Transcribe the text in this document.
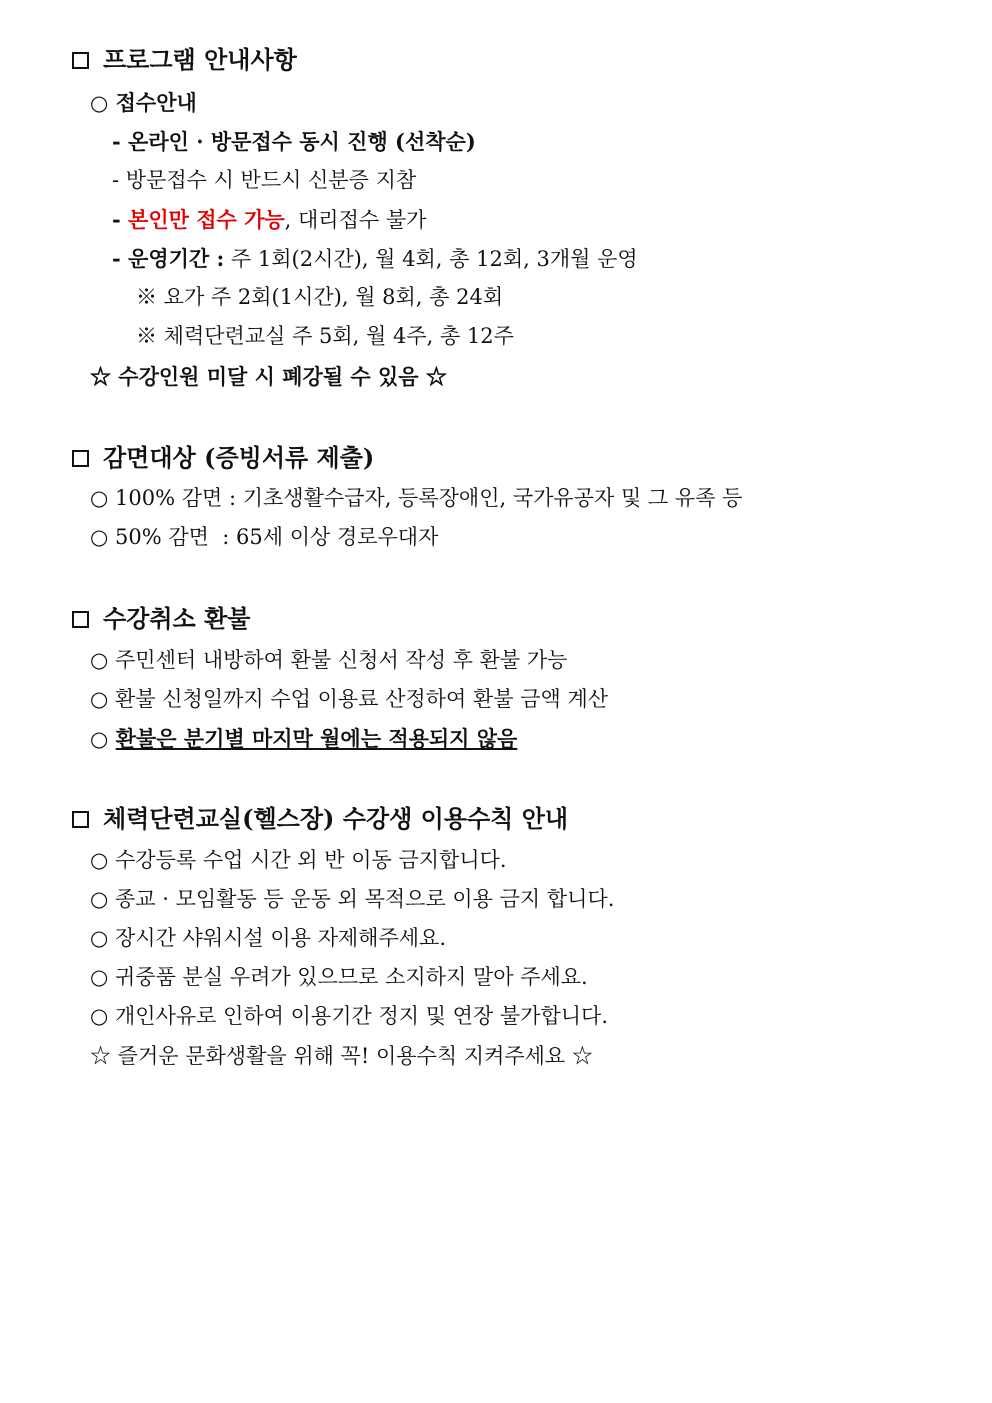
프로그램 안내사항
○ 접수안내
- 온라인 · 방문접수 동시 진행 (선착순)
- 방문접수 시 반드시 신분증 지참
- 본인만 접수 가능, 대리접수 불가
- 운영기간 : 주 1회(2시간), 월 4회, 총 12회, 3개월 운영
※ 요가 주 2회(1시간), 월 8회, 총 24회
※ 체력단련교실 주 5회, 월 4주, 총 12주
☆ 수강인원 미달 시 폐강될 수 있음 ☆
감면대상 (증빙서류 제출)
○ 100% 감면 : 기초생활수급자, 등록장애인, 국가유공자 및 그 유족 등
○ 50% 감면  : 65세 이상 경로우대자
수강취소 환불
○ 주민센터 내방하여 환불 신청서 작성 후 환불 가능
○ 환불 신청일까지 수업 이용료 산정하여 환불 금액 계산
○ 환불은 분기별 마지막 월에는 적용되지 않음
체력단련교실(헬스장) 수강생 이용수칙 안내
○ 수강등록 수업 시간 외 반 이동 금지합니다.
○ 종교 · 모임활동 등 운동 외 목적으로 이용 금지 합니다.
○ 장시간 샤워시설 이용 자제해주세요.
○ 귀중품 분실 우려가 있으므로 소지하지 말아 주세요.
○ 개인사유로 인하여 이용기간 정지 및 연장 불가합니다.
☆ 즐거운 문화생활을 위해 꼭! 이용수칙 지켜주세요 ☆
